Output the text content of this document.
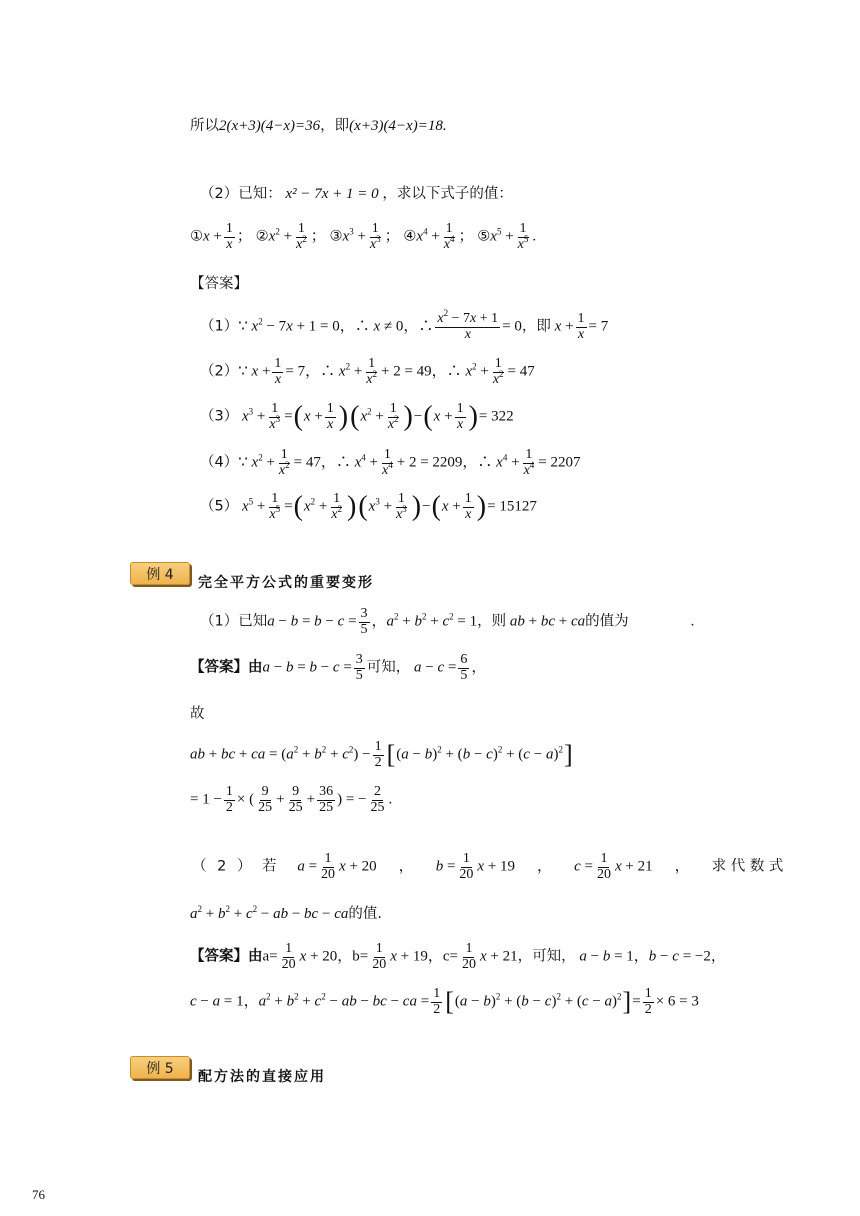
所以2(x+3)(4−x)=36，即(x+3)(4−x)=18.
（2）已知： x² − 7x + 1 = 0 ，求以下式子的值：
①x + $\frac{1}{x}$ ； $②x^2 + \frac{1}{x^2}$ ； $③x^3 + \frac{1}{x^3}$ ； $④x^4 + \frac{1}{x^4}$ ； $⑤x^5 + \frac{1}{x^5}$ .
【答案】
（1）∵ $x^2 - 7x + 1 = 0$，∴ x ≠ 0，∴ $\frac{x^2 - 7x + 1}{x} = 0$，即 $x + \frac{1}{x} = 7$
（2）∵ $x + \frac{1}{x} = 7$，∴ $x^2 + \frac{1}{x^2} + 2 = 49$，∴ $x^2 + \frac{1}{x^2} = 47$
（3） $x^3 + \frac{1}{x^3} =(x + \frac{1}{x} )(x^2 + \frac{1}{x^2} )-(x + \frac{1}{x}$ )= 322
（4）∵ $x^2 + \frac{1}{x^2} = 47$，∴ $x^4 + \frac{1}{x^4} + 2 = 2209$，∴ $x^4 + \frac{1}{x^4} = 2207$
（5） $x^5 + \frac{1}{x^5} =(x^2 + \frac{1}{x^2} )(x^3 + \frac{1}{x^3} )-(x + \frac{1}{x}$ )= 15127
例 4
完全平方公式的重要变形
（1）已知$a - b = b - c = \frac{3}{5}$ ，$a^2 + b^2 + c^2 = 1$，则 ab + bc + ca的值为	.
【答案】由$a - b = b - c = \frac{3}{5}$ 可知， $a - c = \frac{6}{5}$ ，
故
ab + bc + ca = $(a^2 + b^2 + c^2) - \frac{1}{2} [(a - b)^2 + (b - c)^2 + (c - a)^2]$
= $1 - \frac{1}{2}$ × ( $\frac{9}{25} + \frac{9}{25} + \frac{36}{25}$ ) = − $\frac{2}{25}$ .
（ 2 ） 若 $a = \frac{1}{20}$ x + 20 ， $b = \frac{1}{20}$ x + 19 ， $c = \frac{1}{20}$ x + 21 ， 求 代 数 式
$a^2 + b^2 + c^2$ − ab − bc − ca的值.
【答案】由$a= \frac{1}{20}$ x + 20，$b= \frac{1}{20}$ x + 19，$c= \frac{1}{20}$ x + 21，可知， a − b = 1，b − c = −2，
c − a = 1，$a^2 + b^2 + c^2$ − ab − bc − ca = $\frac{1}{2} [(a - b)^2 + (b - c)^2 + (c - a)^2]= \frac{1}{2} \times 6 = 3$
例 5
配方法的直接应用
76
